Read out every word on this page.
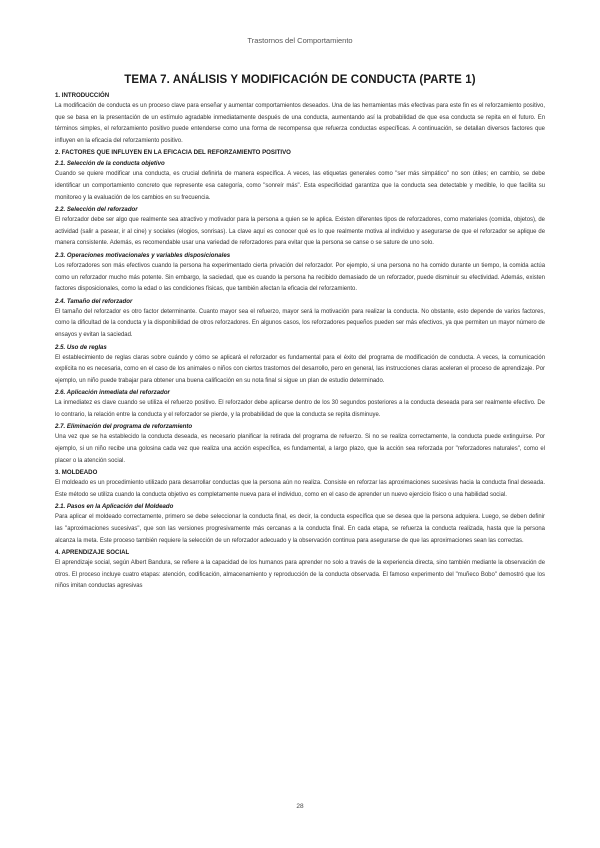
Trastornos del Comportamiento
TEMA 7. ANÁLISIS Y MODIFICACIÓN DE CONDUCTA (PARTE 1)
1. INTRODUCCIÓN
La modificación de conducta es un proceso clave para enseñar y aumentar comportamientos deseados. Una de las herramientas más efectivas para este fin es el reforzamiento positivo, que se basa en la presentación de un estímulo agradable inmediatamente después de una conducta, aumentando así la probabilidad de que esa conducta se repita en el futuro. En términos simples, el reforzamiento positivo puede entenderse como una forma de recompensa que refuerza conductas específicas. A continuación, se detallan diversos factores que influyen en la eficacia del reforzamiento positivo.
2. FACTORES QUE INFLUYEN EN LA EFICACIA DEL REFORZAMIENTO POSITIVO
2.1. Selección de la conducta objetivo
Cuando se quiere modificar una conducta, es crucial definirla de manera específica. A veces, las etiquetas generales como "ser más simpático" no son útiles; en cambio, se debe identificar un comportamiento concreto que represente esa categoría, como "sonreír más". Esta especificidad garantiza que la conducta sea detectable y medible, lo que facilita su monitoreo y la evaluación de los cambios en su frecuencia.
2.2. Selección del reforzador
El reforzador debe ser algo que realmente sea atractivo y motivador para la persona a quien se le aplica. Existen diferentes tipos de reforzadores, como materiales (comida, objetos), de actividad (salir a pasear, ir al cine) y sociales (elogios, sonrisas). La clave aquí es conocer qué es lo que realmente motiva al individuo y asegurarse de que el reforzador se aplique de manera consistente. Además, es recomendable usar una variedad de reforzadores para evitar que la persona se canse o se sature de uno solo.
2.3. Operaciones motivacionales y variables disposicionales
Los reforzadores son más efectivos cuando la persona ha experimentado cierta privación del reforzador. Por ejemplo, si una persona no ha comido durante un tiempo, la comida actúa como un reforzador mucho más potente. Sin embargo, la saciedad, que es cuando la persona ha recibido demasiado de un reforzador, puede disminuir su efectividad. Además, existen factores disposicionales, como la edad o las condiciones físicas, que también afectan la eficacia del reforzamiento.
2.4. Tamaño del reforzador
El tamaño del reforzador es otro factor determinante. Cuanto mayor sea el refuerzo, mayor será la motivación para realizar la conducta. No obstante, esto depende de varios factores, como la dificultad de la conducta y la disponibilidad de otros reforzadores. En algunos casos, los reforzadores pequeños pueden ser más efectivos, ya que permiten un mayor número de ensayos y evitan la saciedad.
2.5. Uso de reglas
El establecimiento de reglas claras sobre cuándo y cómo se aplicará el reforzador es fundamental para el éxito del programa de modificación de conducta. A veces, la comunicación explícita no es necesaria, como en el caso de los animales o niños con ciertos trastornos del desarrollo, pero en general, las instrucciones claras aceleran el proceso de aprendizaje. Por ejemplo, un niño puede trabajar para obtener una buena calificación en su nota final si sigue un plan de estudio determinado.
2.6. Aplicación inmediata del reforzador
La inmediatez es clave cuando se utiliza el refuerzo positivo. El reforzador debe aplicarse dentro de los 30 segundos posteriores a la conducta deseada para ser realmente efectivo. De lo contrario, la relación entre la conducta y el reforzador se pierde, y la probabilidad de que la conducta se repita disminuye.
2.7. Eliminación del programa de reforzamiento
Una vez que se ha establecido la conducta deseada, es necesario planificar la retirada del programa de refuerzo. Si no se realiza correctamente, la conducta puede extinguirse. Por ejemplo, si un niño recibe una golosina cada vez que realiza una acción específica, es fundamental, a largo plazo, que la acción sea reforzada por "reforzadores naturales", como el placer o la atención social.
3. MOLDEADO
El moldeado es un procedimiento utilizado para desarrollar conductas que la persona aún no realiza. Consiste en reforzar las aproximaciones sucesivas hacia la conducta final deseada. Este método se utiliza cuando la conducta objetivo es completamente nueva para el individuo, como en el caso de aprender un nuevo ejercicio físico o una habilidad social.
2.1. Pasos en la Aplicación del Moldeado
Para aplicar el moldeado correctamente, primero se debe seleccionar la conducta final, es decir, la conducta específica que se desea que la persona adquiera. Luego, se deben definir las "aproximaciones sucesivas", que son las versiones progresivamente más cercanas a la conducta final. En cada etapa, se refuerza la conducta realizada, hasta que la persona alcanza la meta. Este proceso también requiere la selección de un reforzador adecuado y la observación continua para asegurarse de que las aproximaciones sean las correctas.
4. APRENDIZAJE SOCIAL
El aprendizaje social, según Albert Bandura, se refiere a la capacidad de los humanos para aprender no solo a través de la experiencia directa, sino también mediante la observación de otros. El proceso incluye cuatro etapas: atención, codificación, almacenamiento y reproducción de la conducta observada. El famoso experimento del "muñeco Bobo" demostró que los niños imitan conductas agresivas
28
